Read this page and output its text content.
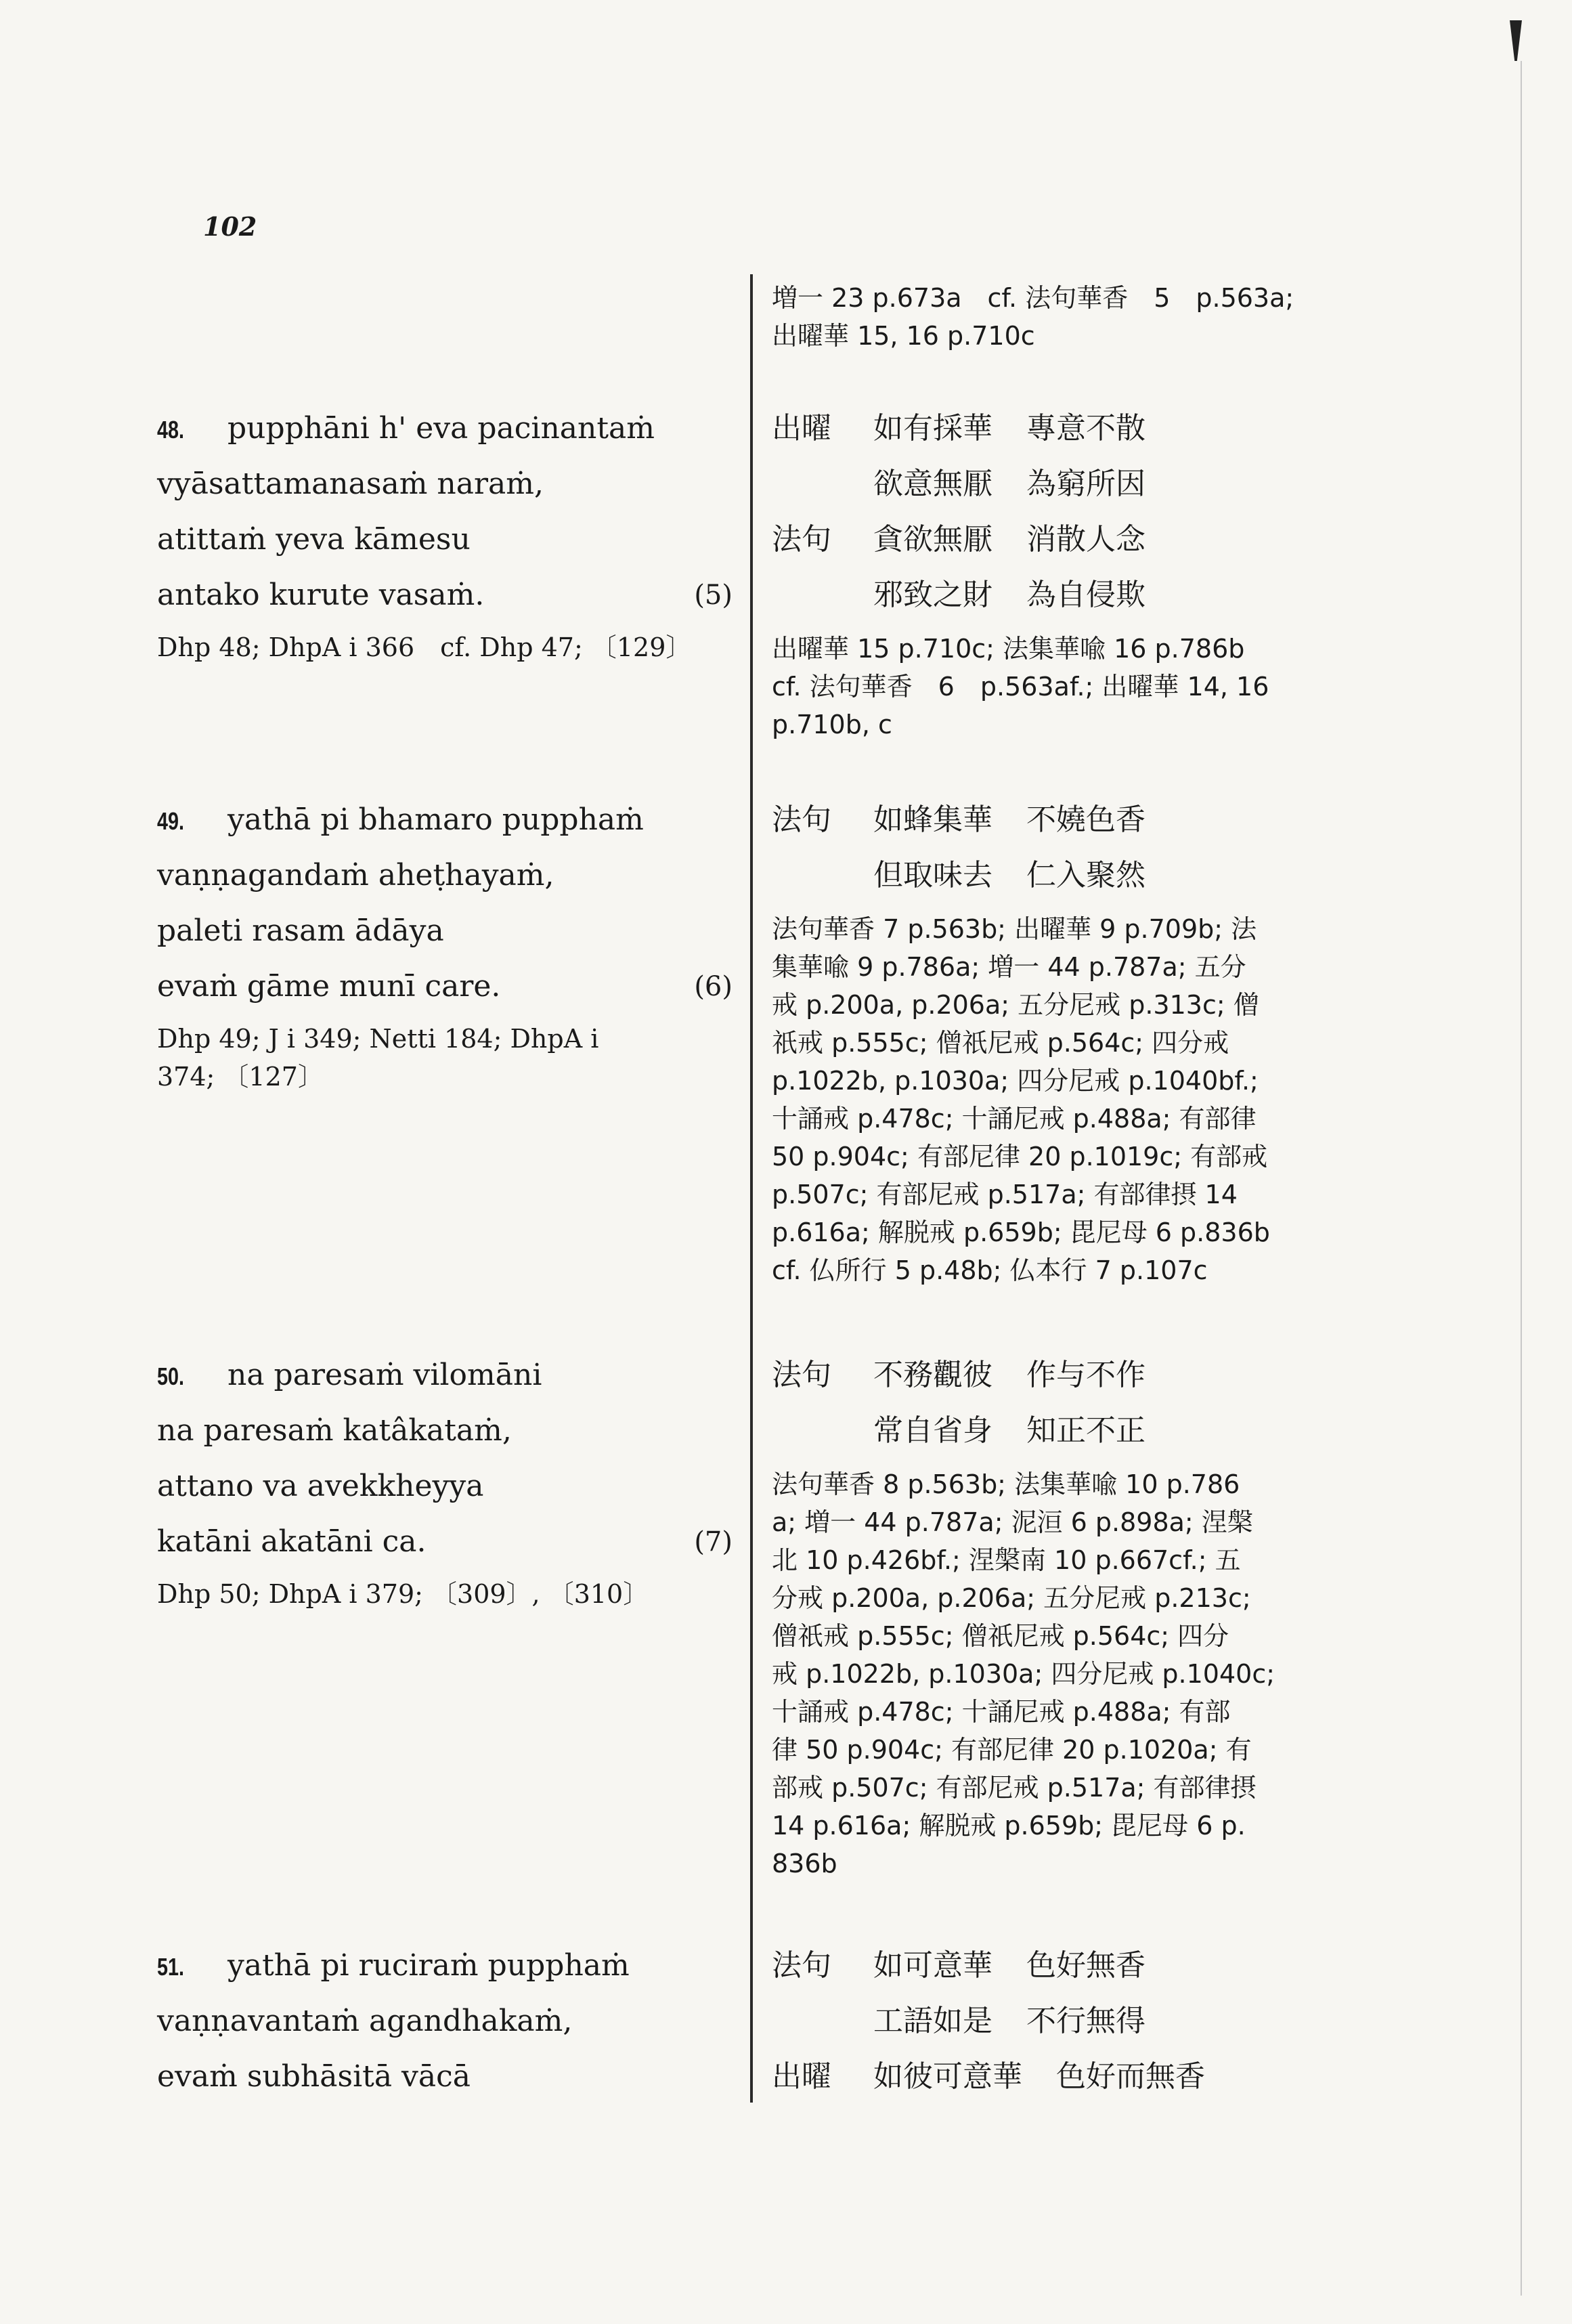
102
増一 23 p.673a　cf. 法句華香　5　p.563a;
出曜華 15, 16 p.710c
48. pupphāni h' eva pacinantaṁ
vyāsattamanasaṁ naraṁ,
atittaṁ yeva kāmesu
antako kurute vasaṁ.	(5)
Dhp 48; DhpA i 366　cf. Dhp 47; 〔129〕
出曜 如有採華 專意不散
欲意無厭 為窮所因
法句 貪欲無厭 消散人念
邪致之財 為自侵欺
出曜華 15 p.710c; 法集華喩 16 p.786b
cf. 法句華香　6　p.563af.; 出曜華 14, 16
p.710b, c
49. yathā pi bhamaro pupphaṁ
vaṇṇagandaṁ aheṭhayaṁ,
paleti rasam ādāya
evaṁ gāme munī care.	(6)
Dhp 49; J i 349; Netti 184; DhpA i
374; 〔127〕
法句 如蜂集華 不嬈色香
但取味去 仁入聚然
法句華香 7 p.563b; 出曜華 9 p.709b; 法
集華喩 9 p.786a; 増一 44 p.787a; 五分
戒 p.200a, p.206a; 五分尼戒 p.313c; 僧
祇戒 p.555c; 僧祇尼戒 p.564c; 四分戒
p.1022b, p.1030a; 四分尼戒 p.1040bf.;
十誦戒 p.478c; 十誦尼戒 p.488a; 有部律
50 p.904c; 有部尼律 20 p.1019c; 有部戒
p.507c; 有部尼戒 p.517a; 有部律摂 14
p.616a; 解脱戒 p.659b; 毘尼母 6 p.836b
cf. 仏所行 5 p.48b; 仏本行 7 p.107c
50. na paresaṁ vilomāni
na paresaṁ katâkataṁ,
attano va avekkheyya
katāni akatāni ca.	(7)
Dhp 50; DhpA i 379; 〔309〕, 〔310〕
法句 不務觀彼 作与不作
常自省身 知正不正
法句華香 8 p.563b; 法集華喩 10 p.786
a; 増一 44 p.787a; 泥洹 6 p.898a; 涅槃
北 10 p.426bf.; 涅槃南 10 p.667cf.; 五
分戒 p.200a, p.206a; 五分尼戒 p.213c;
僧祇戒 p.555c; 僧祇尼戒 p.564c; 四分
戒 p.1022b, p.1030a; 四分尼戒 p.1040c;
十誦戒 p.478c; 十誦尼戒 p.488a; 有部
律 50 p.904c; 有部尼律 20 p.1020a; 有
部戒 p.507c; 有部尼戒 p.517a; 有部律摂
14 p.616a; 解脱戒 p.659b; 毘尼母 6 p.
836b
51. yathā pi ruciraṁ pupphaṁ
vaṇṇavantaṁ agandhakaṁ,
evaṁ subhāsitā vācā
法句 如可意華 色好無香
工語如是 不行無得
出曜 如彼可意華 色好而無香
